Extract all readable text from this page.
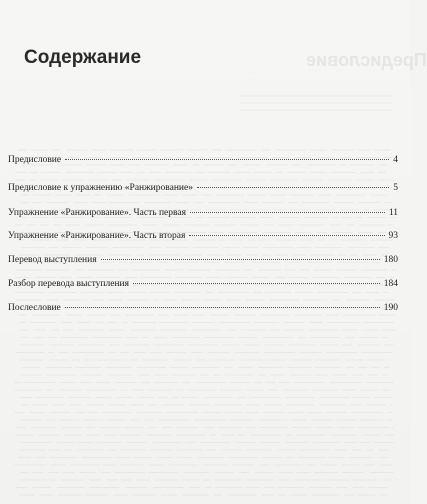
Предисловие
Содержание
Предисловие	4
Предисловие к упражнению «Ранжирование»	5
Упражнение «Ранжирование». Часть первая	11
Упражнение «Ранжирование». Часть вторая	93
Перевод выступления	180
Разбор перевода выступления	184
Послесловие	190
